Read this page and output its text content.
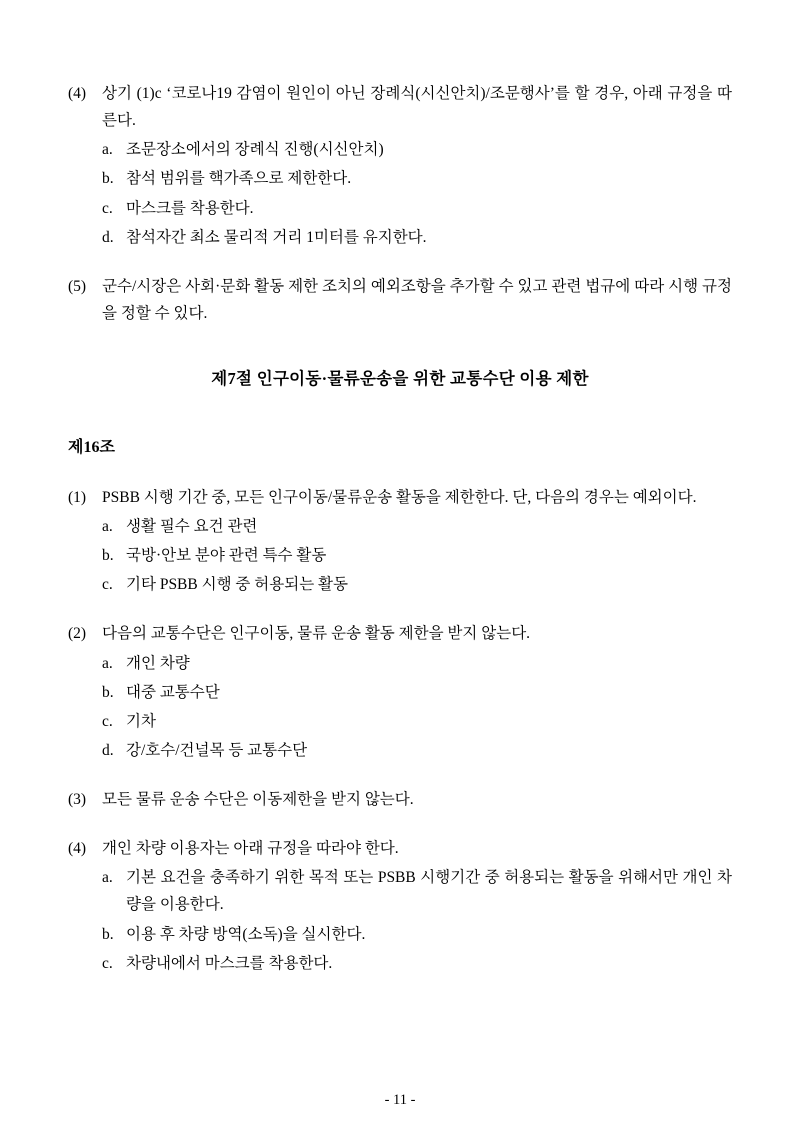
(4)	상기 (1)c ‘코로나19 감염이 원인이 아닌 장례식(시신안치)/조문행사’를 할 경우, 아래 규정을 따른다.

a. 조문장소에서의 장례식 진행(시신안치)
b. 참석 범위를 핵가족으로 제한한다.
c. 마스크를 착용한다.
d. 참석자간 최소 물리적 거리 1미터를 유지한다.
(5)	군수/시장은 사회·문화 활동 제한 조치의 예외조항을 추가할 수 있고 관련 법규에 따라 시행 규정을 정할 수 있다.

제7절 인구이동·물류운송을 위한 교통수단 이용 제한
제16조
(1)	PSBB 시행 기간 중, 모든 인구이동/물류운송 활동을 제한한다. 단, 다음의 경우는 예외이다.

a. 생활 필수 요건 관련
b. 국방·안보 분야 관련 특수 활동
c. 기타 PSBB 시행 중 허용되는 활동
(2)	다음의 교통수단은 인구이동, 물류 운송 활동 제한을 받지 않는다.

a. 개인 차량
b. 대중 교통수단
c. 기차
d. 강/호수/건널목 등 교통수단
(3)	모든 물류 운송 수단은 이동제한을 받지 않는다.

(4)	개인 차량 이용자는 아래 규정을 따라야 한다.

a. 기본 요건을 충족하기 위한 목적 또는 PSBB 시행기간 중 허용되는 활동을 위해서만 개인 차량을 이용한다.
b. 이용 후 차량 방역(소독)을 실시한다.
c. 차량내에서 마스크를 착용한다.
- 11 -
